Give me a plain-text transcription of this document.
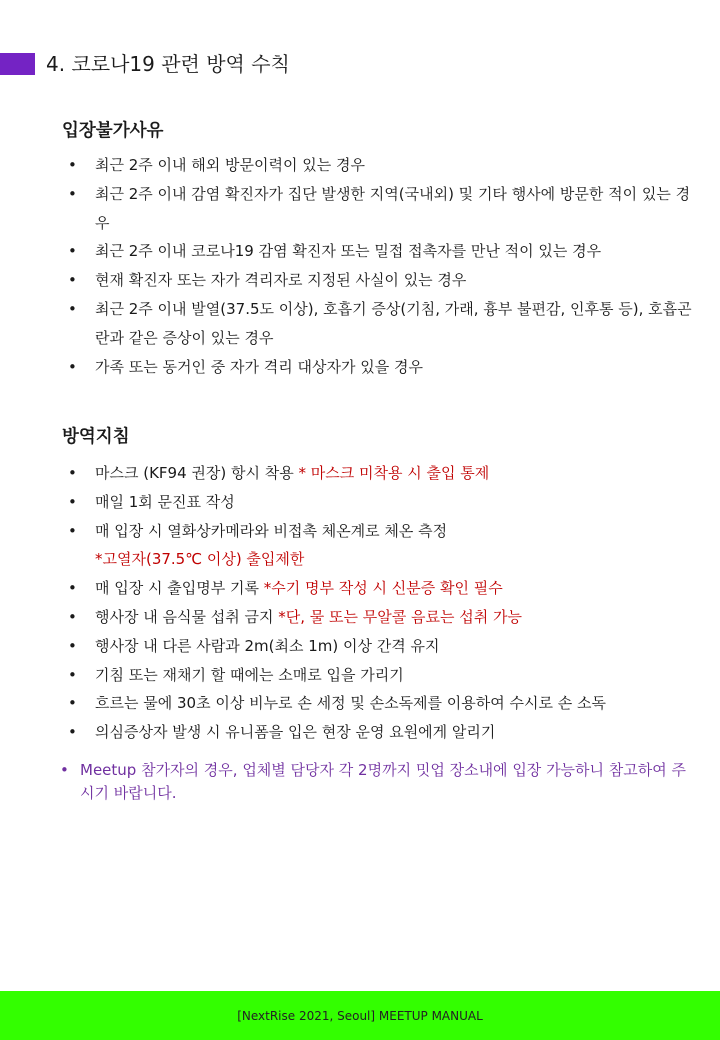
4. 코로나19 관련 방역 수칙
입장불가사유
• 최근 2주 이내 해외 방문이력이 있는 경우
• 최근 2주 이내 감염 확진자가 집단 발생한 지역(국내외) 및 기타 행사에 방문한 적이 있는 경우
• 최근 2주 이내 코로나19 감염 확진자 또는 밀접 접촉자를 만난 적이 있는 경우
• 현재 확진자 또는 자가 격리자로 지정된 사실이 있는 경우
• 최근 2주 이내 발열(37.5도 이상), 호흡기 증상(기침, 가래, 흉부 불편감, 인후통 등), 호흡곤란과 같은 증상이 있는 경우
• 가족 또는 동거인 중 자가 격리 대상자가 있을 경우
방역지침
• 마스크 (KF94 권장) 항시 착용 * 마스크 미착용 시 출입 통제
• 매일 1회 문진표 작성
• 매 입장 시 열화상카메라와 비접촉 체온계로 체온 측정
*고열자(37.5℃ 이상) 출입제한
• 매 입장 시 출입명부 기록 *수기 명부 작성 시 신분증 확인 필수
• 행사장 내 음식물 섭취 금지 *단, 물 또는 무알콜 음료는 섭취 가능
• 행사장 내 다른 사람과 2m(최소 1m) 이상 간격 유지
• 기침 또는 재채기 할 때에는 소매로 입을 가리기
• 흐르는 물에 30초 이상 비누로 손 세정 및 손소독제를 이용하여 수시로 손 소독
• 의심증상자 발생 시 유니폼을 입은 현장 운영 요원에게 알리기

• Meetup 참가자의 경우, 업체별 담당자 각 2명까지 밋업 장소내에 입장 가능하니 참고하여 주시기 바랍니다.

[NextRise 2021, Seoul] MEETUP MANUAL
